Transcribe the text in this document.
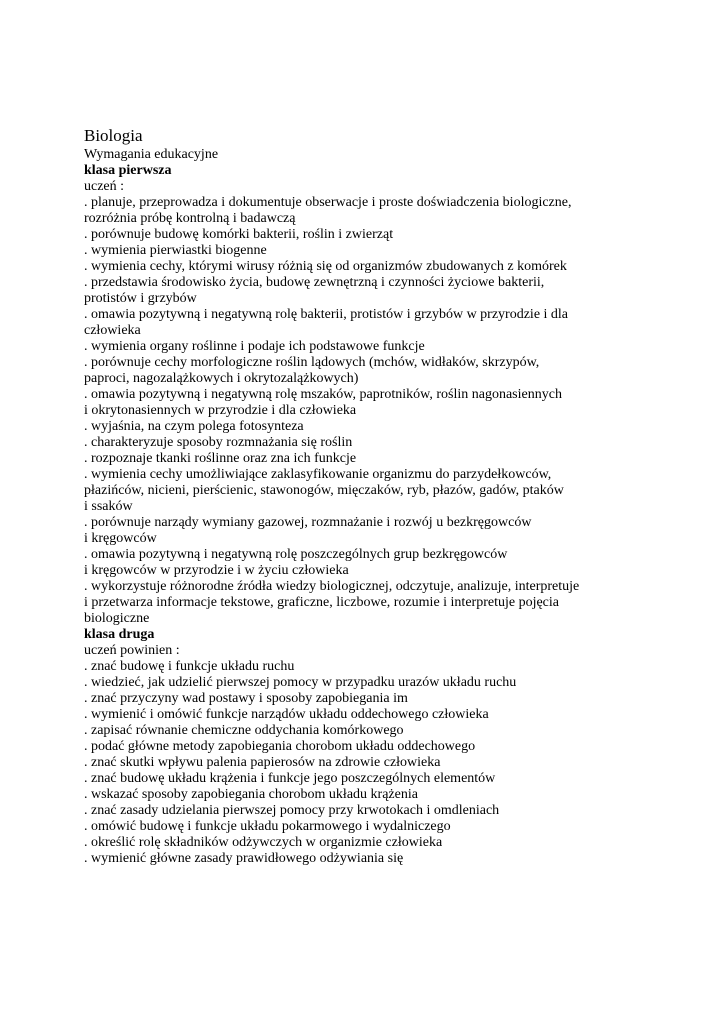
Biologia
Wymagania edukacyjne
klasa pierwsza
uczeń :
. planuje, przeprowadza i dokumentuje obserwacje i proste doświadczenia biologiczne,
rozróżnia próbę kontrolną i badawczą
. porównuje budowę komórki bakterii, roślin i zwierząt
. wymienia pierwiastki biogenne
. wymienia cechy, którymi wirusy różnią się od organizmów zbudowanych z komórek
. przedstawia środowisko życia, budowę zewnętrzną i czynności życiowe bakterii,
protistów i grzybów
. omawia pozytywną i negatywną rolę bakterii, protistów i grzybów w przyrodzie i dla
człowieka
. wymienia organy roślinne i podaje ich podstawowe funkcje
. porównuje cechy morfologiczne roślin lądowych (mchów, widłaków, skrzypów,
paproci, nagozalążkowych i okrytozalążkowych)
. omawia pozytywną i negatywną rolę mszaków, paprotników, roślin nagonasiennych
i okrytonasiennych w przyrodzie i dla człowieka
. wyjaśnia, na czym polega fotosynteza
. charakteryzuje sposoby rozmnażania się roślin
. rozpoznaje tkanki roślinne oraz zna ich funkcje
. wymienia cechy umożliwiające zaklasyfikowanie organizmu do parzydełkowców,
płazińców, nicieni, pierścienic, stawonogów, mięczaków, ryb, płazów, gadów, ptaków
i ssaków
. porównuje narządy wymiany gazowej, rozmnażanie i rozwój u bezkręgowców
i kręgowców
. omawia pozytywną i negatywną rolę poszczególnych grup bezkręgowców
i kręgowców w przyrodzie i w życiu człowieka
. wykorzystuje różnorodne źródła wiedzy biologicznej, odczytuje, analizuje, interpretuje
i przetwarza informacje tekstowe, graficzne, liczbowe, rozumie i interpretuje pojęcia
biologiczne
klasa druga
uczeń powinien :
. znać budowę i funkcje układu ruchu
. wiedzieć, jak udzielić pierwszej pomocy w przypadku urazów układu ruchu
. znać przyczyny wad postawy i sposoby zapobiegania im
. wymienić i omówić funkcje narządów układu oddechowego człowieka
. zapisać równanie chemiczne oddychania komórkowego
. podać główne metody zapobiegania chorobom układu oddechowego
. znać skutki wpływu palenia papierosów na zdrowie człowieka
. znać budowę układu krążenia i funkcje jego poszczególnych elementów
. wskazać sposoby zapobiegania chorobom układu krążenia
. znać zasady udzielania pierwszej pomocy przy krwotokach i omdleniach
. omówić budowę i funkcje układu pokarmowego i wydalniczego
. określić rolę składników odżywczych w organizmie człowieka
. wymienić główne zasady prawidłowego odżywiania się
